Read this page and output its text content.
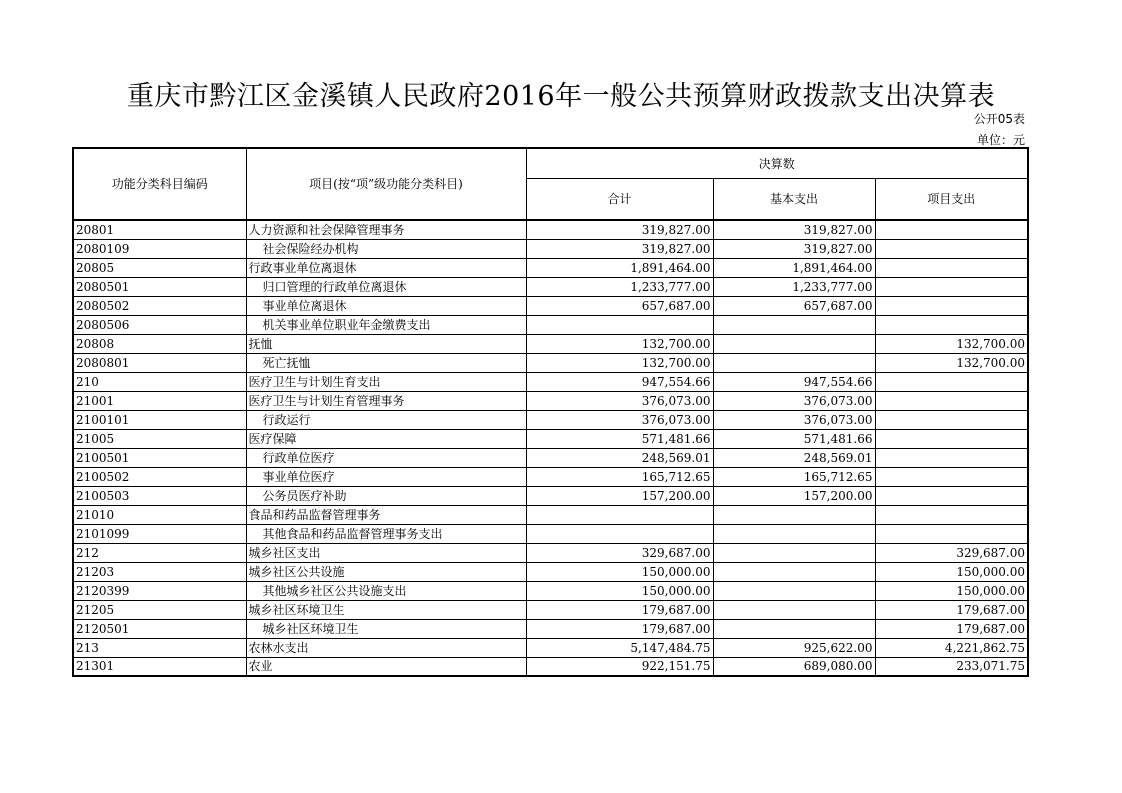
重庆市黔江区金溪镇人民政府2016年一般公共预算财政拨款支出决算表
公开05表
单位：元
功能分类科目编码	项目(按“项”级功能分类科目)	决算数		
		合计	基本支出	项目支出
20801	人力资源和社会保障管理事务	319,827.00	319,827.00	
2080109	社会保险经办机构	319,827.00	319,827.00	
20805	行政事业单位离退休	1,891,464.00	1,891,464.00	
2080501	归口管理的行政单位离退休	1,233,777.00	1,233,777.00	
2080502	事业单位离退休	657,687.00	657,687.00	
2080506	机关事业单位职业年金缴费支出			
20808	抚恤	132,700.00		132,700.00
2080801	死亡抚恤	132,700.00		132,700.00
210	医疗卫生与计划生育支出	947,554.66	947,554.66	
21001	医疗卫生与计划生育管理事务	376,073.00	376,073.00	
2100101	行政运行	376,073.00	376,073.00	
21005	医疗保障	571,481.66	571,481.66	
2100501	行政单位医疗	248,569.01	248,569.01	
2100502	事业单位医疗	165,712.65	165,712.65	
2100503	公务员医疗补助	157,200.00	157,200.00	
21010	食品和药品监督管理事务			
2101099	其他食品和药品监督管理事务支出			
212	城乡社区支出	329,687.00		329,687.00
21203	城乡社区公共设施	150,000.00		150,000.00
2120399	其他城乡社区公共设施支出	150,000.00		150,000.00
21205	城乡社区环境卫生	179,687.00		179,687.00
2120501	城乡社区环境卫生	179,687.00		179,687.00
213	农林水支出	5,147,484.75	925,622.00	4,221,862.75
21301	农业	922,151.75	689,080.00	233,071.75
